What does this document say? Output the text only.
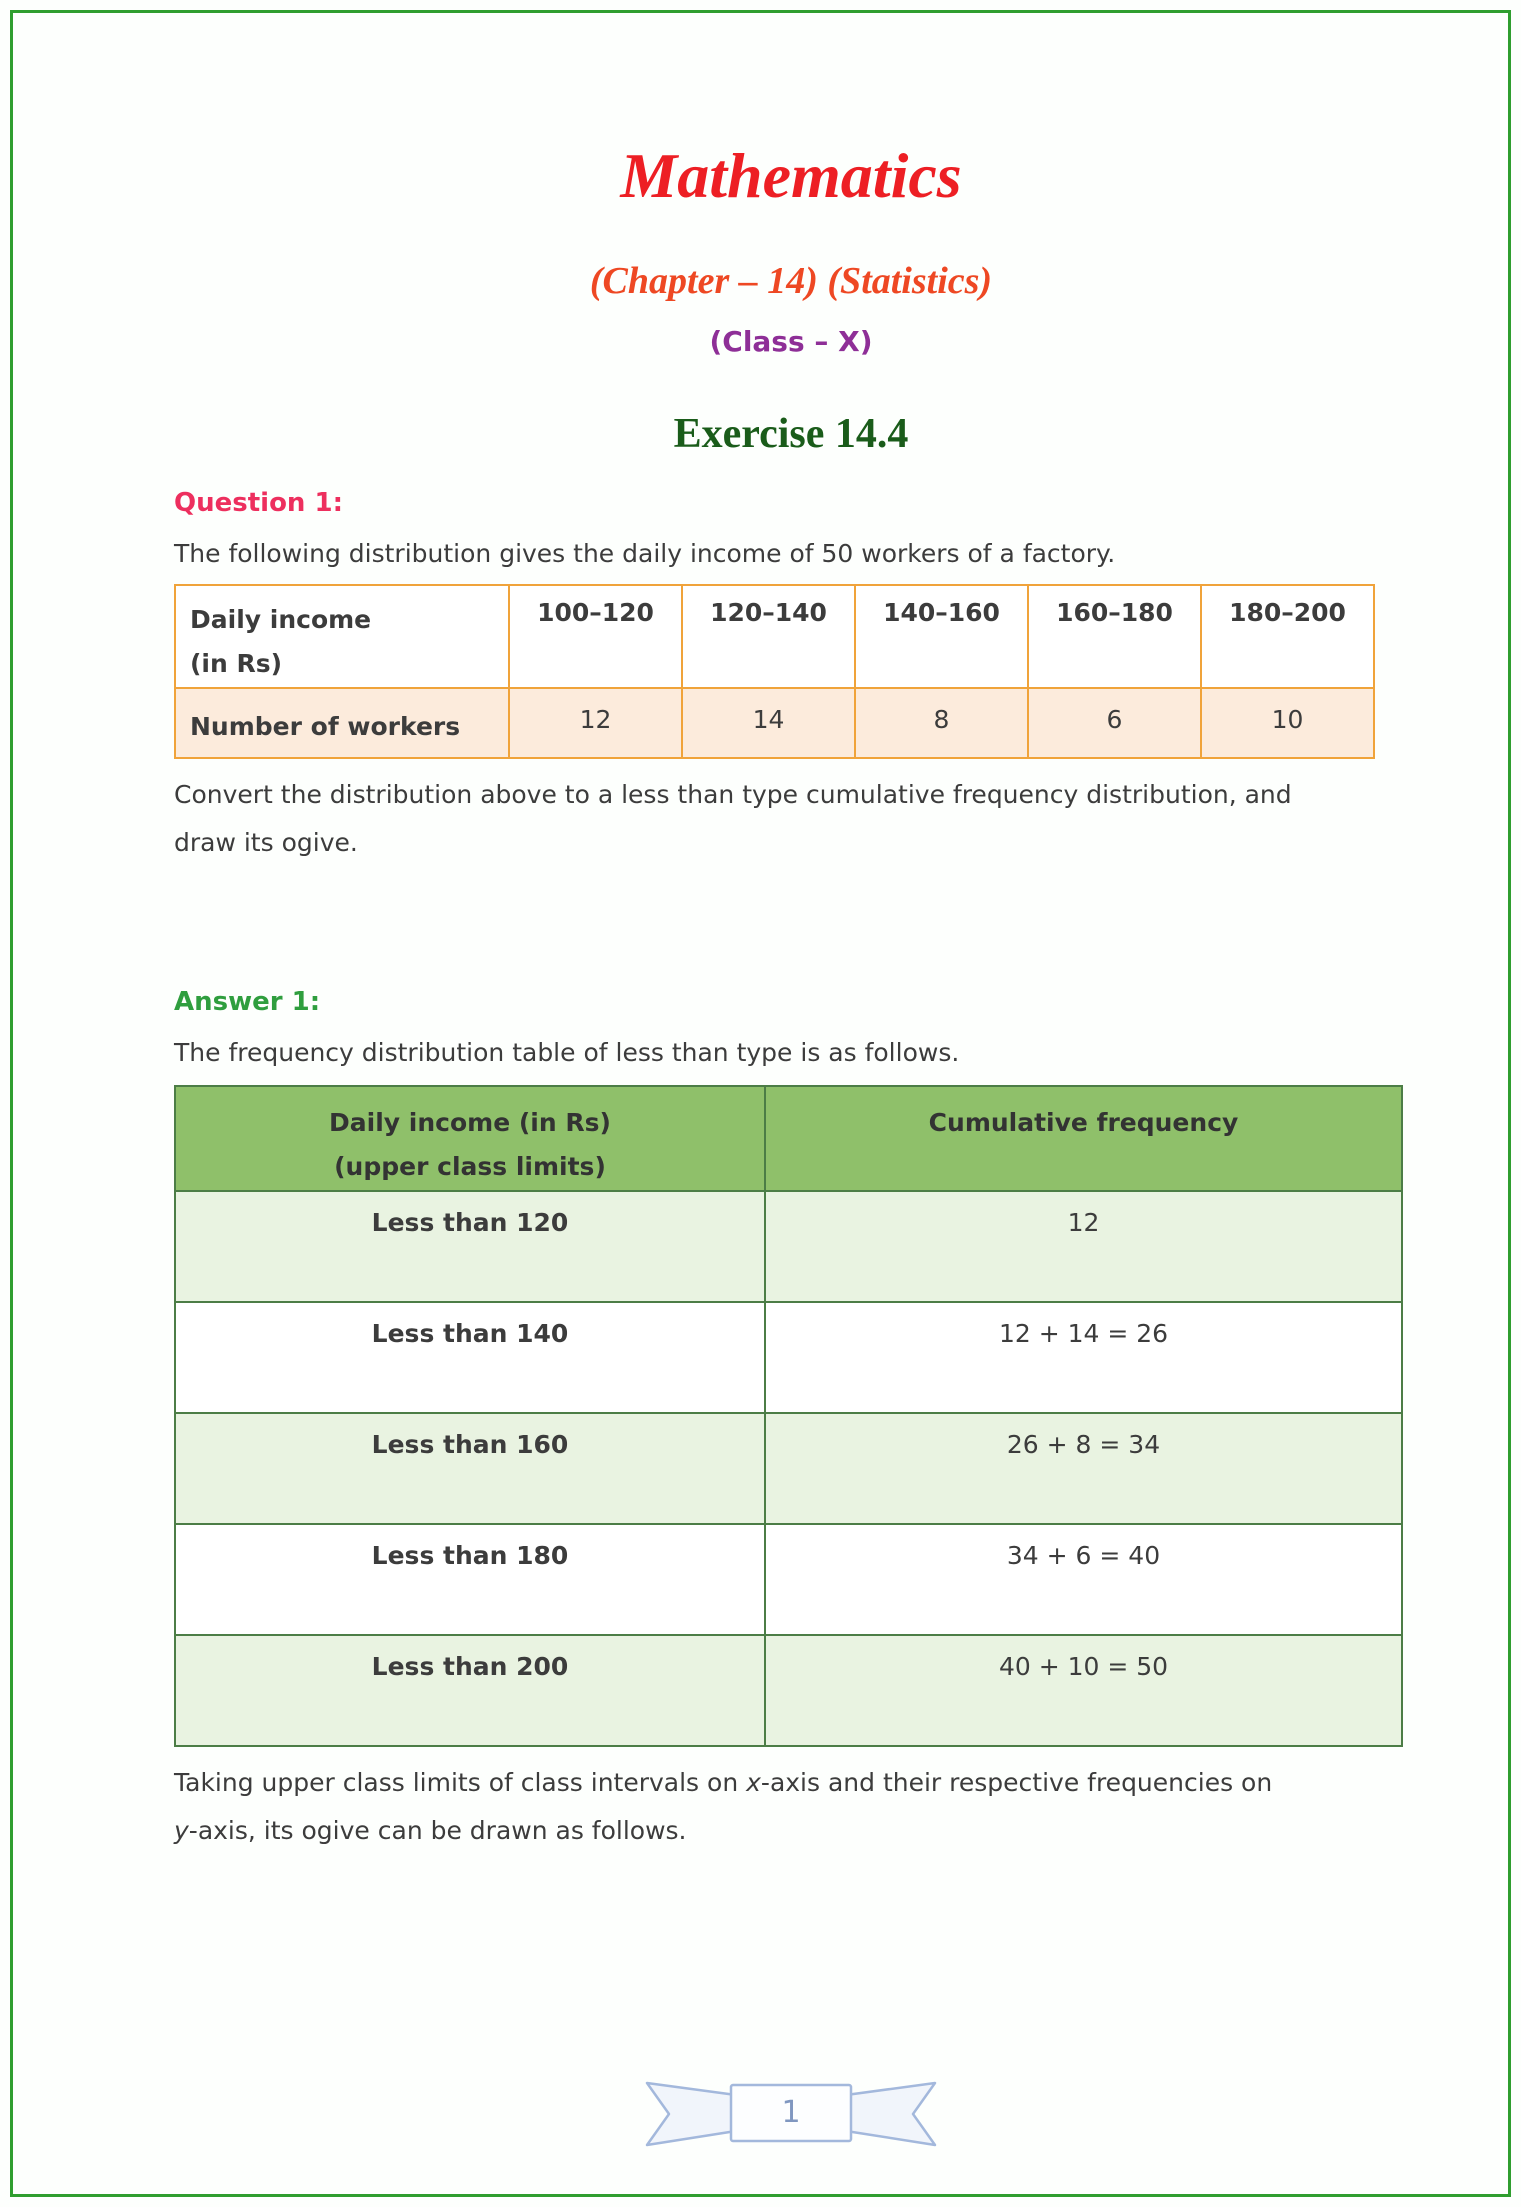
Mathematics
(Chapter – 14) (Statistics)
(Class – X)
Exercise 14.4

Question 1:

The following distribution gives the daily income of 50 workers of a factory.

Daily income
(in Rs)	100–120	120–140	140–160	160–180	180–200
Number of workers	12	14	8	6	10

Convert the distribution above to a less than type cumulative frequency distribution, and
draw its ogive.

Answer 1:

The frequency distribution table of less than type is as follows.

Daily income (in Rs)
(upper class limits)	Cumulative frequency
Less than 120	12
Less than 140	12 + 14 = 26
Less than 160	26 + 8 = 34
Less than 180	34 + 6 = 40
Less than 200	40 + 10 = 50

Taking upper class limits of class intervals on x-axis and their respective frequencies on
y-axis, its ogive can be drawn as follows.

1
